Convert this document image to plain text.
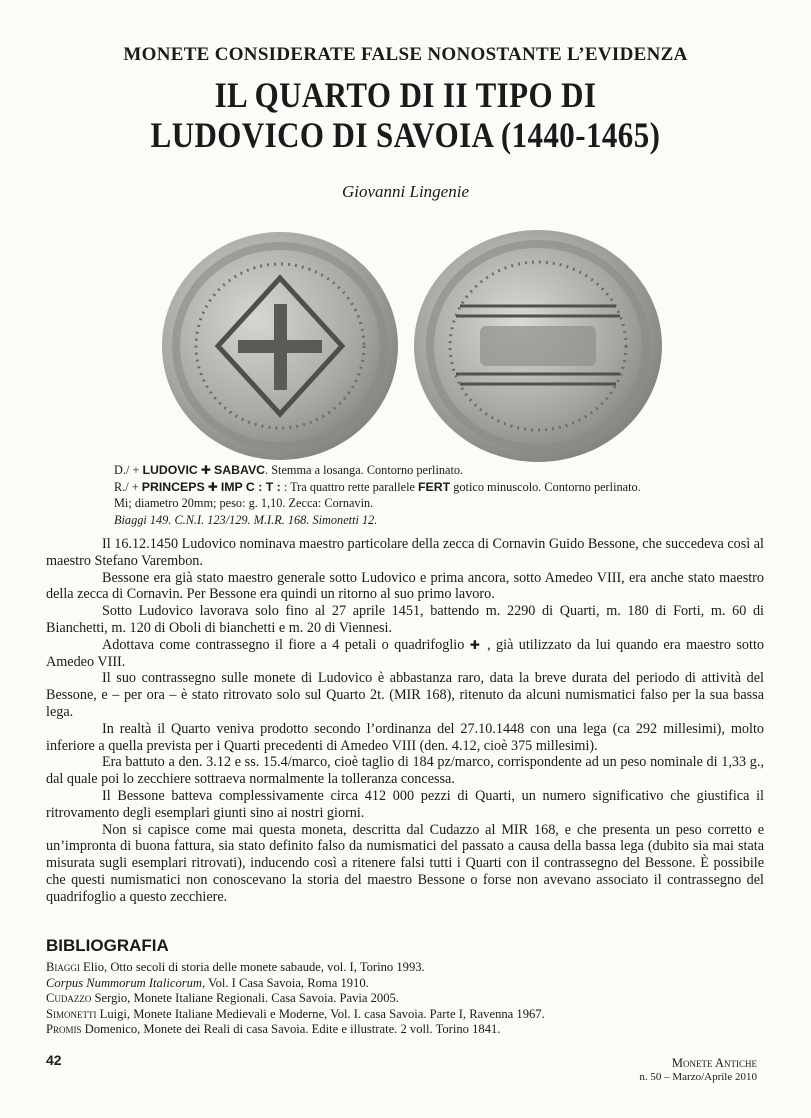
MONETE CONSIDERATE FALSE NONOSTANTE L’EVIDENZA
IL QUARTO DI II TIPO DI
LUDOVICO DI SAVOIA (1440-1465)
Giovanni Lingenie
D./ + LUDOVIC ✚ SABAVC. Stemma a losanga. Contorno perlinato.
R./ + PRINCEPS ✚ IMP C : T : : Tra quattro rette parallele FERT gotico minuscolo. Contorno perlinato.
Mi; diametro 20mm; peso: g. 1,10. Zecca: Cornavin.
Biaggi 149. C.N.I. 123/129. M.I.R. 168. Simonetti 12.

Il 16.12.1450 Ludovico nominava maestro particolare della zecca di Cornavin Guido Bessone, che succedeva così al maestro Stefano Varembon.

Bessone era già stato maestro generale sotto Ludovico e prima ancora, sotto Amedeo VIII, era anche stato maestro della zecca di Cornavin. Per Bessone era quindi un ritorno al suo primo lavoro.

Sotto Ludovico lavorava solo fino al 27 aprile 1451, battendo m. 2290 di Quarti, m. 180 di Forti, m. 60 di Bianchetti, m. 120 di Oboli di bianchetti e m. 20 di Viennesi.

Adottava come contrassegno il fiore a 4 petali o quadrifoglio ✚ , già utilizzato da lui quando era maestro sotto Amedeo VIII.

Il suo contrassegno sulle monete di Ludovico è abbastanza raro, data la breve durata del periodo di attività del Bessone, e – per ora – è stato ritrovato solo sul Quarto 2t. (MIR 168), ritenuto da alcuni numismatici falso per la sua bassa lega.

In realtà il Quarto veniva prodotto secondo l’ordinanza del 27.10.1448 con una lega (ca 292 millesimi), molto inferiore a quella prevista per i Quarti precedenti di Amedeo VIII (den. 4.12, cioè 375 millesimi).

Era battuto a den. 3.12 e ss. 15.4/marco, cioè taglio di 184 pz/marco, corrispondente ad un peso nominale di 1,33 g., dal quale poi lo zecchiere sottraeva normalmente la tolleranza concessa.

Il Bessone batteva complessivamente circa 412 000 pezzi di Quarti, un numero significativo che giustifica il ritrovamento degli esemplari giunti sino ai nostri giorni.

Non si capisce come mai questa moneta, descritta dal Cudazzo al MIR 168, e che presenta un peso corretto e un’impronta di buona fattura, sia stato definito falso da numismatici del passato a causa della bassa lega (dubito sia mai stata misurata sugli esemplari ritrovati), inducendo così a ritenere falsi tutti i Quarti con il contrassegno del Bessone. È possibile che questi numismatici non conoscevano la storia del maestro Bessone o forse non avevano associato il contrassegno del quadrifoglio a questo zecchiere.

BIBLIOGRAFIA
Biaggi Elio, Otto secoli di storia delle monete sabaude, vol. I, Torino 1993.
Corpus Nummorum Italicorum, Vol. I Casa Savoia, Roma 1910.
Cudazzo Sergio, Monete Italiane Regionali. Casa Savoia. Pavia 2005.
Simonetti Luigi, Monete Italiane Medievali e Moderne, Vol. I. casa Savoia. Parte I, Ravenna 1967.
Promis Domenico, Monete dei Reali di casa Savoia. Edite e illustrate. 2 voll. Torino 1841.
42	Monete Antiche
n. 50 – Marzo/Aprile 2010
